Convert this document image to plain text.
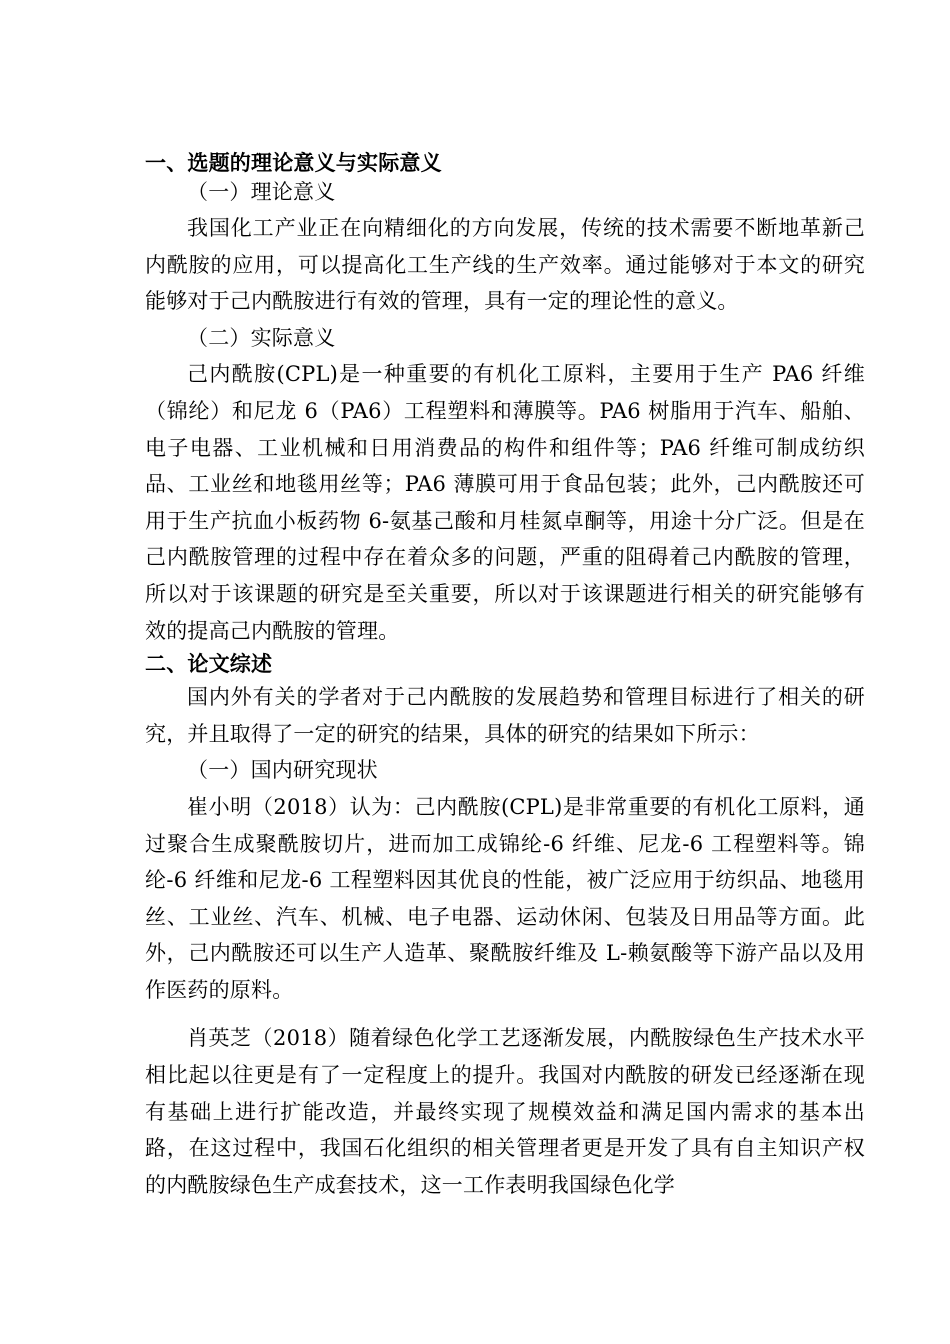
一、选题的理论意义与实际意义

（一）理论意义

我国化工产业正在向精细化的方向发展，传统的技术需要不断地革新己内酰胺的应用，可以提高化工生产线的生产效率。通过能够对于本文的研究能够对于己内酰胺进行有效的管理，具有一定的理论性的意义。

（二）实际意义

己内酰胺(CPL)是一种重要的有机化工原料，主要用于生产 PA6 纤维（锦纶）和尼龙 6（PA6）工程塑料和薄膜等。PA6 树脂用于汽车、船舶、电子电器、工业机械和日用消费品的构件和组件等；PA6 纤维可制成纺织品、工业丝和地毯用丝等；PA6 薄膜可用于食品包装；此外，己内酰胺还可用于生产抗血小板药物 6-氨基己酸和月桂氮卓酮等，用途十分广泛。但是在己内酰胺管理的过程中存在着众多的问题，严重的阻碍着己内酰胺的管理，所以对于该课题的研究是至关重要，所以对于该课题进行相关的研究能够有效的提高己内酰胺的管理。

二、论文综述

国内外有关的学者对于己内酰胺的发展趋势和管理目标进行了相关的研究，并且取得了一定的研究的结果，具体的研究的结果如下所示：

（一）国内研究现状

崔小明（2018）认为：己内酰胺(CPL)是非常重要的有机化工原料，通过聚合生成聚酰胺切片，进而加工成锦纶-6 纤维、尼龙-6 工程塑料等。锦纶-6 纤维和尼龙-6 工程塑料因其优良的性能，被广泛应用于纺织品、地毯用丝、工业丝、汽车、机械、电子电器、运动休闲、包装及日用品等方面。此外，己内酰胺还可以生产人造革、聚酰胺纤维及 L-赖氨酸等下游产品以及用作医药的原料。

肖英芝（2018）随着绿色化学工艺逐渐发展，内酰胺绿色生产技术水平相比起以往更是有了一定程度上的提升。我国对内酰胺的研发已经逐渐在现有基础上进行扩能改造，并最终实现了规模效益和满足国内需求的基本出路，在这过程中，我国石化组织的相关管理者更是开发了具有自主知识产权的内酰胺绿色生产成套技术，这一工作表明我国绿色化学
